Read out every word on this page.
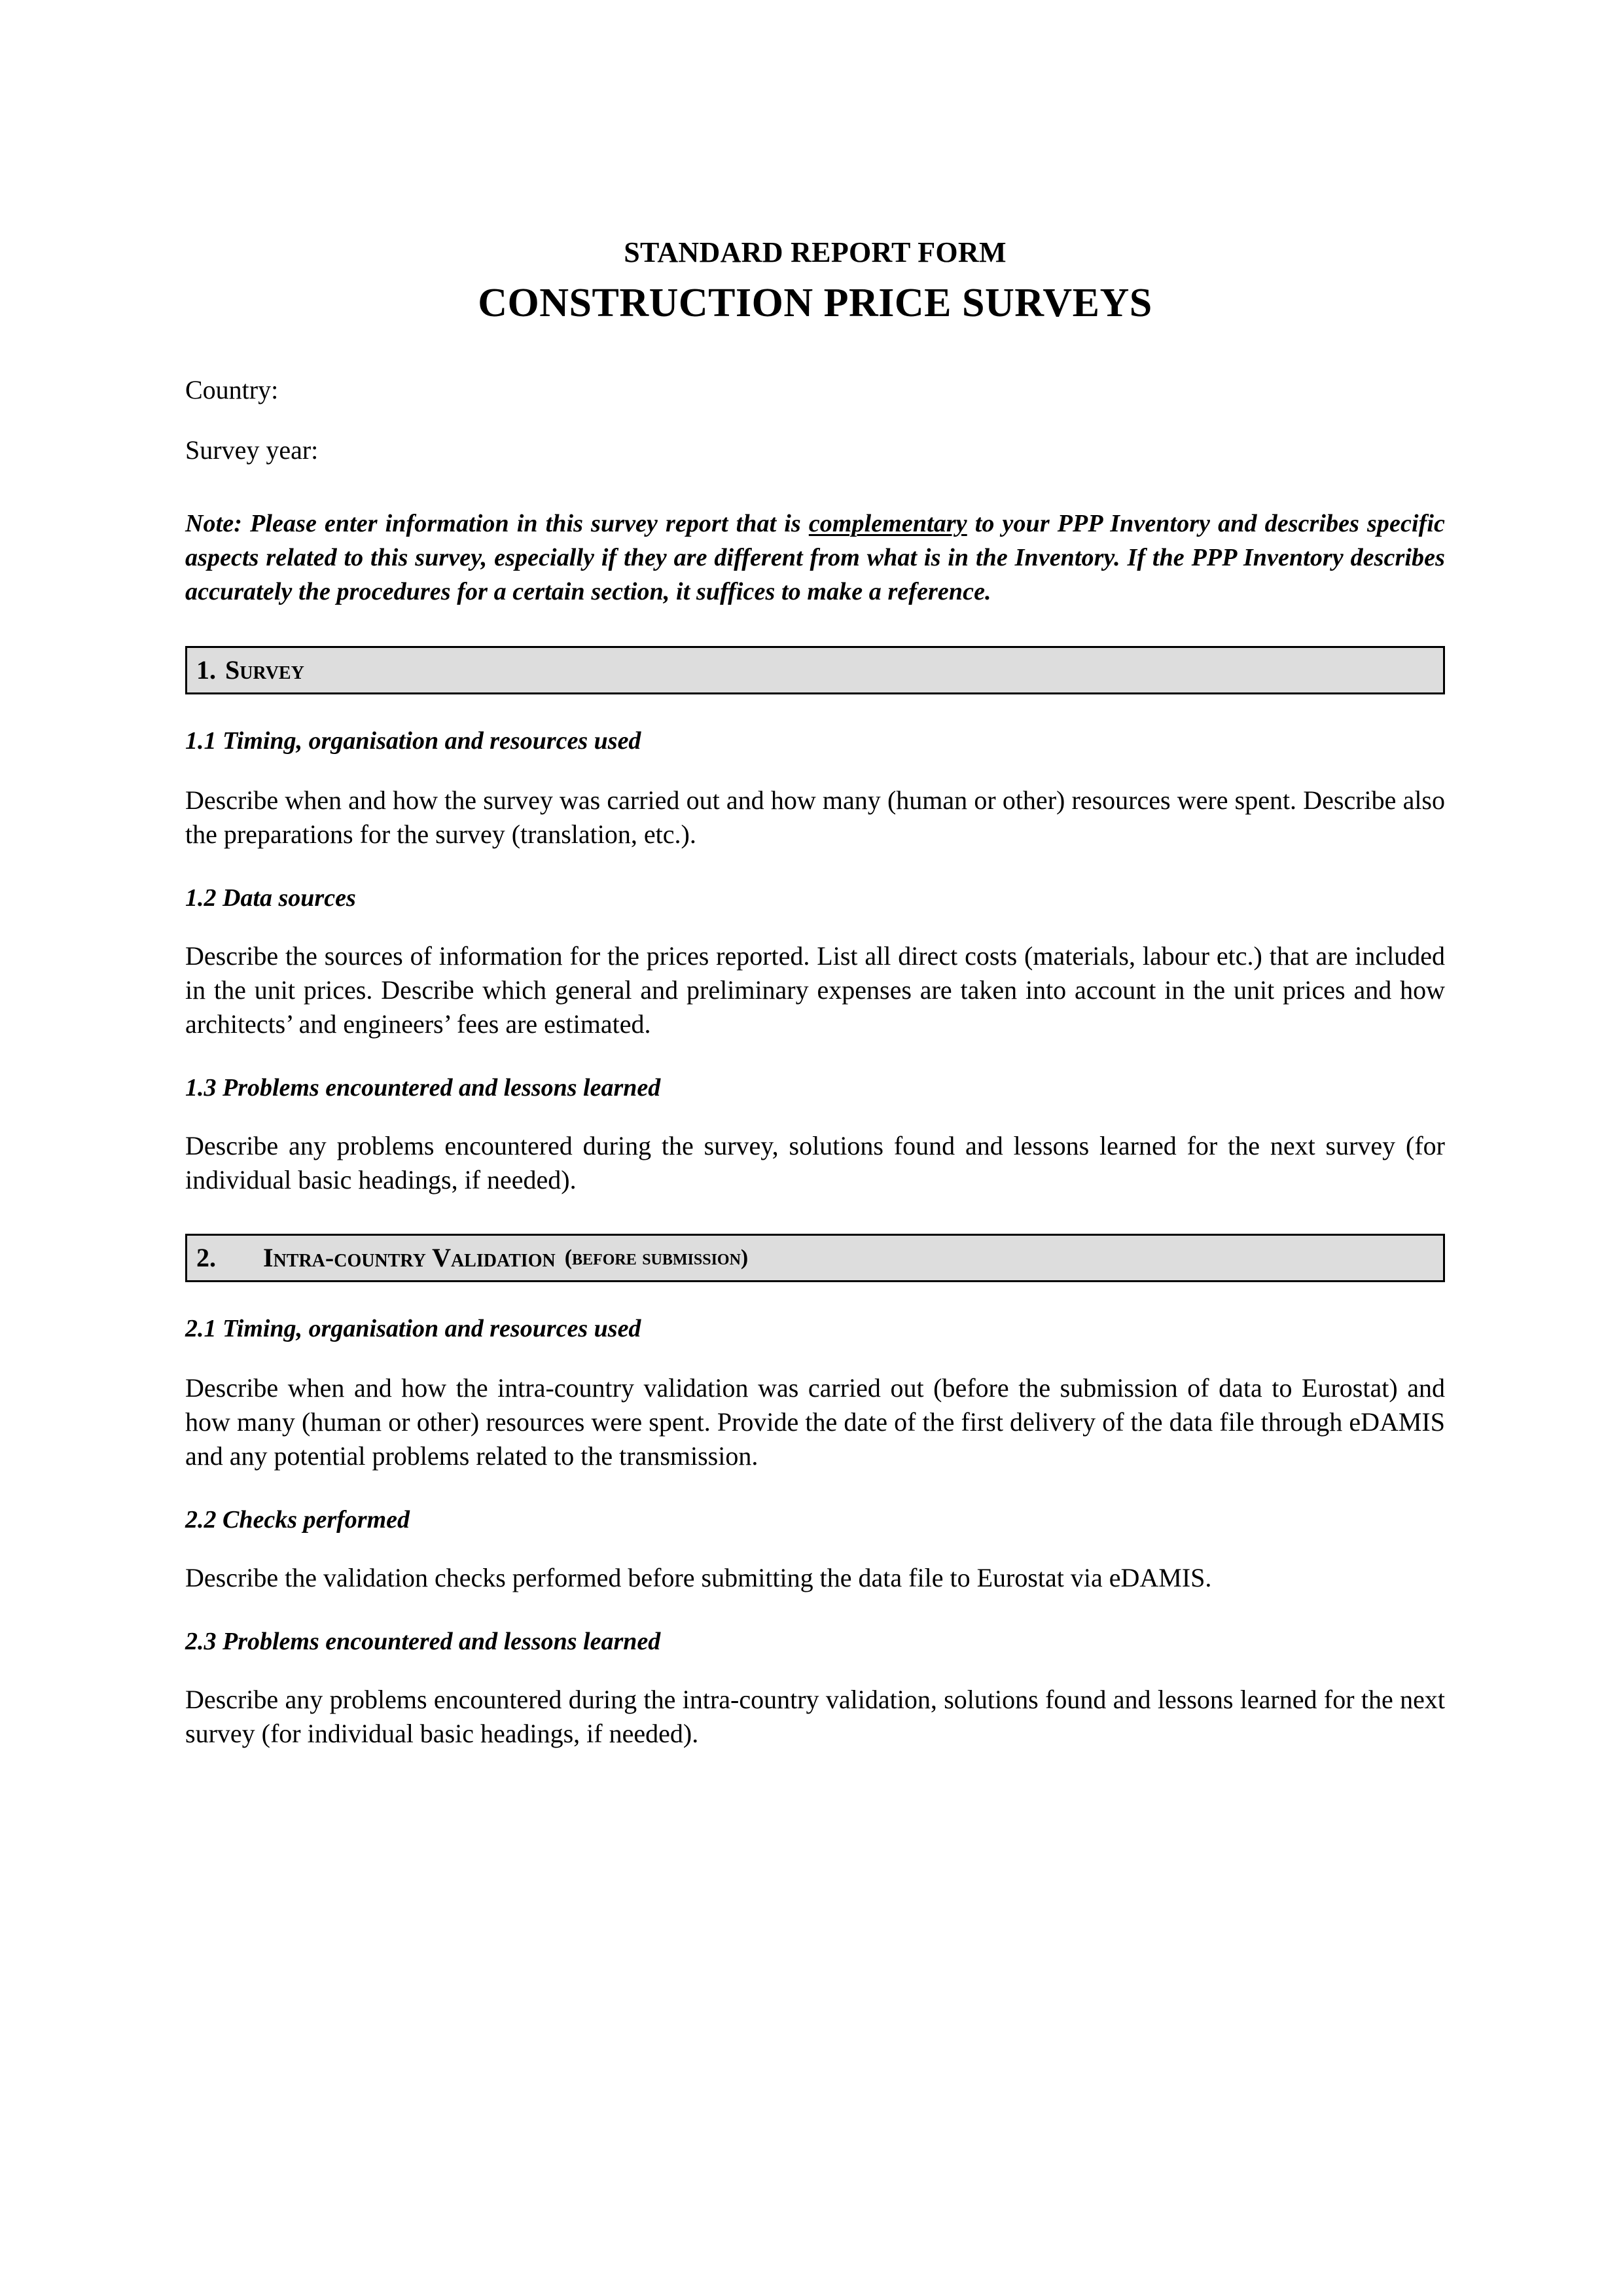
STANDARD REPORT FORM
CONSTRUCTION PRICE SURVEYS
Country:
Survey year:

Note: Please enter information in this survey report that is complementary to your PPP Inventory and describes specific aspects related to this survey, especially if they are different from what is in the Inventory. If the PPP Inventory describes accurately the procedures for a certain section, it suffices to make a reference.

1. Survey
1.1 Timing, organisation and resources used

Describe when and how the survey was carried out and how many (human or other) resources were spent. Describe also the preparations for the survey (translation, etc.).

1.2 Data sources

Describe the sources of information for the prices reported. List all direct costs (materials, labour etc.) that are included in the unit prices. Describe which general and preliminary expenses are taken into account in the unit prices and how architects’ and engineers’ fees are estimated.

1.3 Problems encountered and lessons learned

Describe any problems encountered during the survey, solutions found and lessons learned for the next survey (for individual basic headings, if needed).

2. Intra-country Validation (before submission)
2.1 Timing, organisation and resources used

Describe when and how the intra-country validation was carried out (before the submission of data to Eurostat) and how many (human or other) resources were spent. Provide the date of the first delivery of the data file through eDAMIS and any potential problems related to the transmission.

2.2 Checks performed

Describe the validation checks performed before submitting the data file to Eurostat via eDAMIS.

2.3 Problems encountered and lessons learned

Describe any problems encountered during the intra-country validation, solutions found and lessons learned for the next survey (for individual basic headings, if needed).
